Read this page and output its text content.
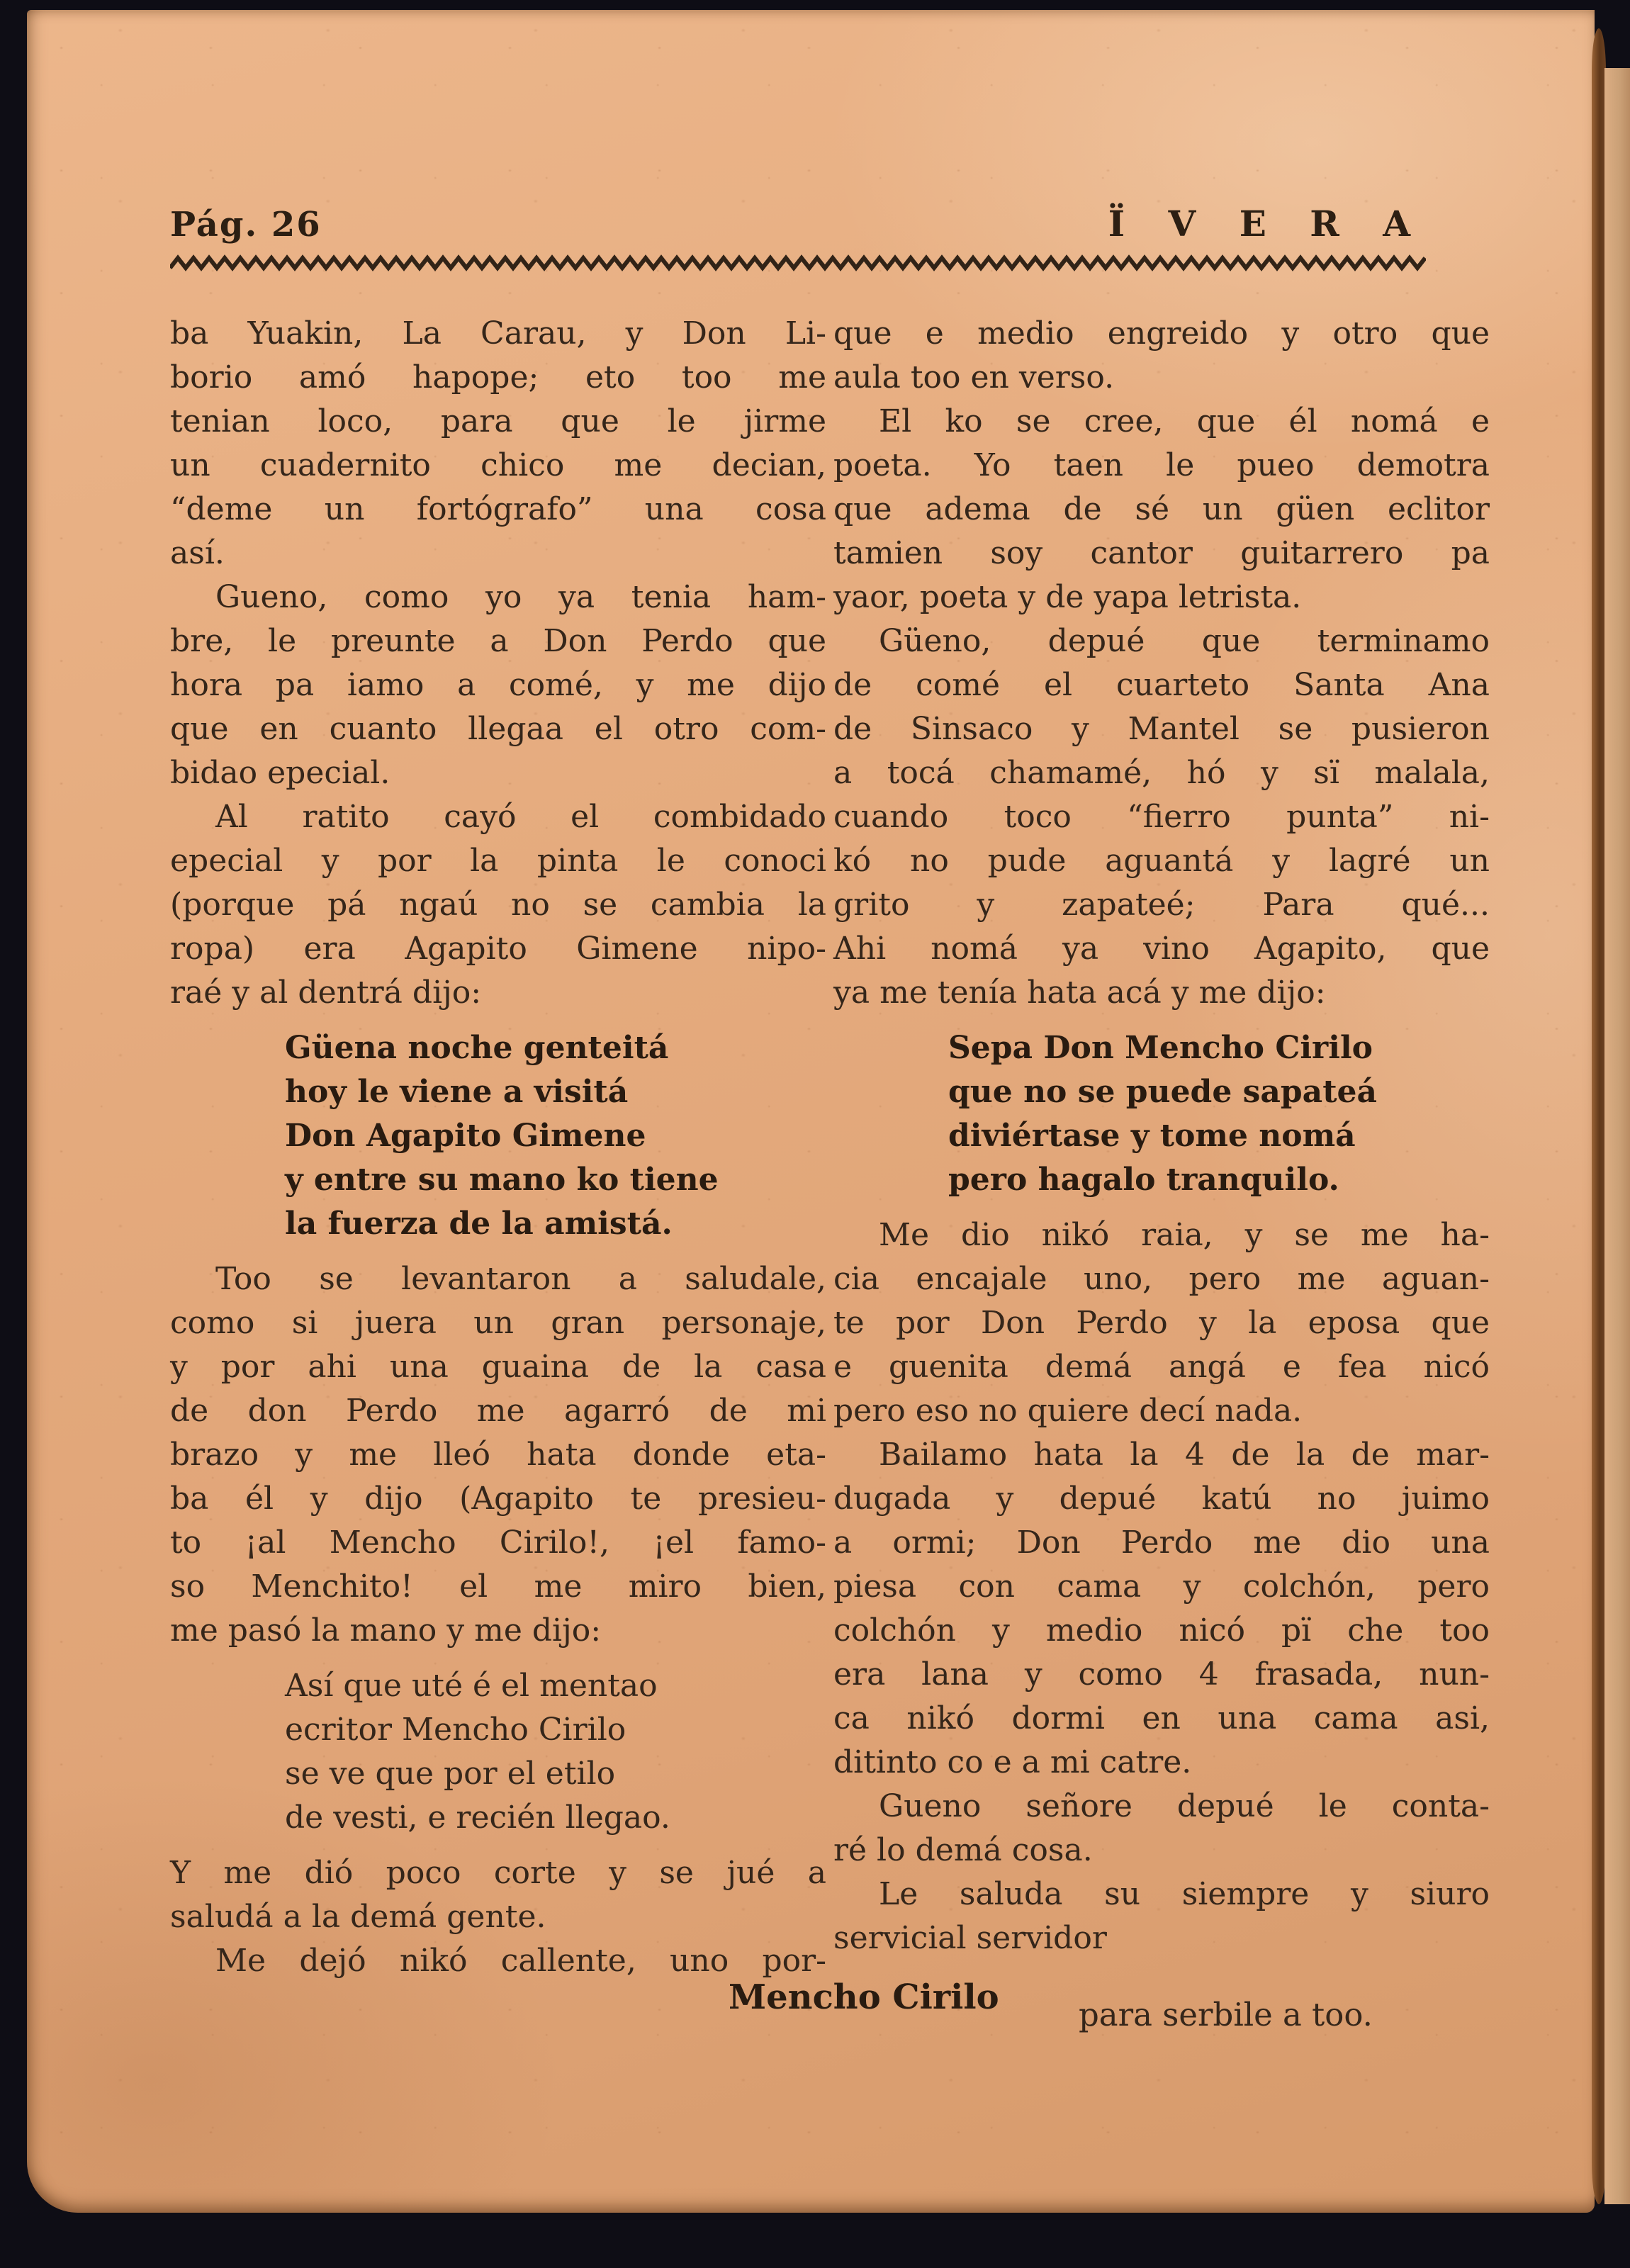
Pág. 26	Ï V E R A
ba Yuakin, La Carau, y Don Li-
borio amó hapope; eto too me
tenian loco, para que le jirme
un cuadernito chico me decian,
“deme un fortógrafo” una cosa
así.
Gueno, como yo ya tenia ham-
bre, le preunte a Don Perdo que
hora pa iamo a comé, y me dijo
que en cuanto llegaa el otro com-
bidao epecial.
Al ratito cayó el combidado
epecial y por la pinta le conoci
(porque pá ngaú no se cambia la
ropa) era Agapito Gimene nipo-
raé y al dentrá dijo:
Güena noche genteitá
hoy le viene a visitá
Don Agapito Gimene
y entre su mano ko tiene
la fuerza de la amistá.
Too se levantaron a saludale,
como si juera un gran personaje,
y por ahi una guaina de la casa
de don Perdo me agarró de mi
brazo y me lleó hata donde eta-
ba él y dijo (Agapito te presieu-
to ¡al Mencho Cirilo!, ¡el famo-
so Menchito! el me miro bien,
me pasó la mano y me dijo:
Así que uté é el mentao
ecritor Mencho Cirilo
se ve que por el etilo
de vesti, e recién llegao.
Y me dió poco corte y se jué a
saludá a la demá gente.
Me dejó nikó callente, uno por-
que e medio engreido y otro que
aula too en verso.
El ko se cree, que él nomá e
poeta. Yo taen le pueo demotra
que adema de sé un güen eclitor
tamien soy cantor guitarrero pa
yaor, poeta y de yapa letrista.
Güeno, depué que terminamo
de comé el cuarteto Santa Ana
de Sinsaco y Mantel se pusieron
a tocá chamamé, hó y sï malala,
cuando toco “fierro punta” ni-
kó no pude aguantá y lagré un
grito y zapateé; Para qué...
Ahi nomá ya vino Agapito, que
ya me tenía hata acá y me dijo:
Sepa Don Mencho Cirilo
que no se puede sapateá
diviértase y tome nomá
pero hagalo tranquilo.
Me dio nikó raia, y se me ha-
cia encajale uno, pero me aguan-
te por Don Perdo y la eposa que
e guenita demá angá e fea nicó
pero eso no quiere decí nada.
Bailamo hata la 4 de la de mar-
dugada y depué katú no juimo
a ormi; Don Perdo me dio una
piesa con cama y colchón, pero
colchón y medio nicó pï che too
era lana y como 4 frasada, nun-
ca nikó dormi en una cama asi,
ditinto co e a mi catre.
Gueno señore depué le conta-
ré lo demá cosa.
Le saluda su siempre y siuro
servicial servidor
Mencho Cirilo para serbile a too.
